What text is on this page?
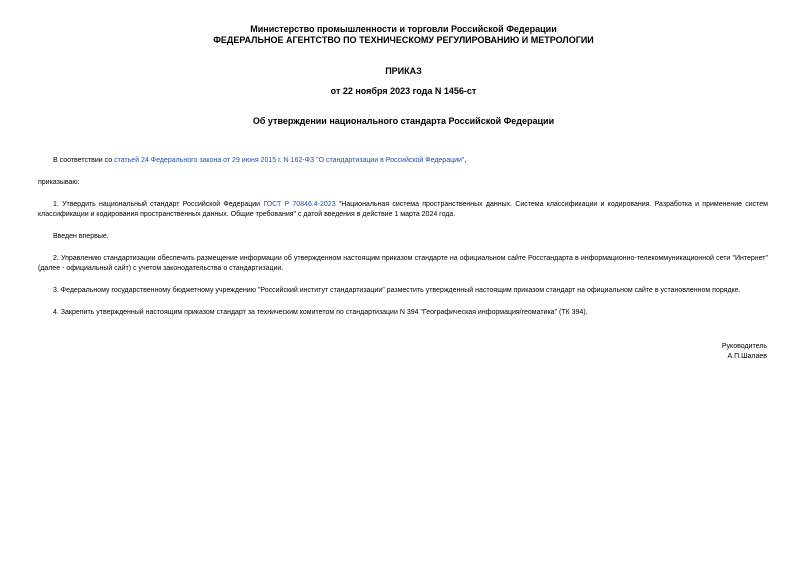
Министерство промышленности и торговли Российской Федерации
ФЕДЕРАЛЬНОЕ АГЕНТСТВО ПО ТЕХНИЧЕСКОМУ РЕГУЛИРОВАНИЮ И МЕТРОЛОГИИ
ПРИКАЗ
от 22 ноября 2023 года N 1456-ст
Об утверждении национального стандарта Российской Федерации

В соответствии со статьей 24 Федерального закона от 29 июня 2015 г. N 162-ФЗ "О стандартизации в Российской Федерации",

приказываю:

1. Утвердить национальный стандарт Российской Федерации ГОСТ Р 70846.4-2023 "Национальная система пространственных данных. Система классификации и кодирования. Разработка и применение систем классификации и кодирования пространственных данных. Общие требования" с датой введения в действие 1 марта 2024 года.

Введен впервые.

2. Управлению стандартизации обеспечить размещение информации об утвержденном настоящим приказом стандарте на официальном сайте Росстандарта в информационно-телекоммуникационной сети "Интернет" (далее - официальный сайт) с учетом законодательства о стандартизации.

3. Федеральному государственному бюджетному учреждению "Российский институт стандартизации" разместить утвержденный настоящим приказом стандарт на официальном сайте в установленном порядке.

4. Закрепить утвержденный настоящим приказом стандарт за техническим комитетом по стандартизации N 394 "Географическая информация/геоматика" (ТК 394).

Руководитель
А.П.Шалаев
